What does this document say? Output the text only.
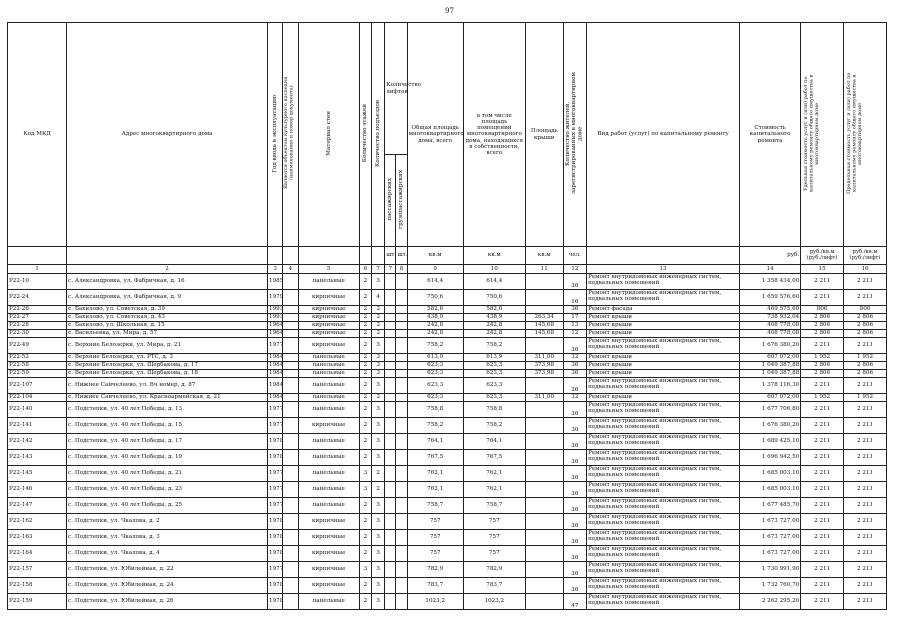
97
Код МКД	Адрес многоквартирного дома	Год ввода в эксплуатацию	Является объектом культурного наследия (наименование и номер документа)	Материал стен	Количество этажей	Количество подъездов	Количество лифтов		Общая площадь многоквартирного дома, всего	в том числе площадь помещений многоквартирного дома, находящихся в собственности, всего	Площадь крыши	Количество жителей, зарегистрированных в многоквартирном доме	Вид работ (услуг) по капитальному ремонту	Стоимость капитального ремонта	Удельная стоимость услуг и (или) работ по капитальному ремонту общего имущества в многоквартирном доме	Предельная стоимость услуг и (или) работ по капитальному ремонту общего имущества в многоквартирном доме
							пассажирских	грузопассажирских								
							шт.	шт.	кв.м	кв.м	кв.м	чел.		руб.	руб./кв.м (руб./лифт)	руб./кв.м (руб./лифт)
1	2	3	4	5	6	7	7	8	9	10	11	12	13	14	15	16
Р22-10	с. Александровка, ул. Фабричная, д. 16	1985		панельные	2	3			614,4	614,4		36	Ремонт внутридомовых инженерных систем, подвальных помещений	1 358 434,00	2 211	2 211
Р22-24	с. Александровка, ул. Фабричная, д. 9	1979		кирпичные	2	4			750,6	750,6		16	Ремонт внутридомовых инженерных систем, подвальных помещений	1 659 576,60	2 211	2 211
Р22-26	с. Бахилово, ул. Советская, д. 39	1993		кирпичные	2	2			582,6	582,6		36	Ремонт фасада	469 575,60	806	806
Р22-27	с. Бахилово, ул. Советская, д. 43	1993		кирпичные	2	2			438,9	438,9	263,34	17	Ремонт крыши	738 932,04	2 806	2 806
Р22-28	с. Бахилово, ул. Школьная, д. 15	1964		кирпичные	2	2			242,8	242,8	145,68	13	Ремонт крыши	408 778,08	2 806	2 806
Р22-30	с. Васильевка, ул. Мира, д. 57	1964		кирпичные	2	2			242,8	242,8	145,68	12	Ремонт крыши	408 778,08	2 806	2 806
Р22-49	с. Верхние Белозерки, ул. Мира, д. 21	1977		кирпичные	2	3			758,2	758,2		36	Ремонт внутридомовых инженерных систем, подвальных помещений	1 676 380,20	2 211	2 211
Р22-52	с. Верхние Белозерки, ул. РТС, д. 3	1984		панельные	2	3			613,9	613,9	311,00	32	Ремонт крыши	607 072,00	1 952	1 952
Р22-58	с. Верхние Белозерки, ул. Щербакова, д. 17	1984		панельные	2	3			623,3	623,3	373,98	36	Ремонт крыши	1 049 387,88	2 806	2 806
Р22-59	с. Верхние Белозерки, ул. Щербакова, д. 18	1984		панельные	2	3			623,3	623,3	373,98	36	Ремонт крыши	1 049 387,88	2 806	2 806
Р22-107	с. Нижнее Санчелеево, ул. Вч номер, д. 87	1984		панельные	2	3			623,3	623,3		26	Ремонт внутридомовых инженерных систем, подвальных помещений	1 378 116,30	2 211	2 211
Р22-104	с. Нижнее Санчелеево, ул. Красноармейская, д. 21	1984		панельные	2	2			623,3	623,3	311,00	32	Ремонт крыши	607 072,00	1 952	1 952
Р22-140	с. Подстепки, ул. 40 лет Победы, д. 13	1977		панельные	2	3			758,8	758,8		36	Ремонт внутридомовых инженерных систем, подвальных помещений	1 677 706,80	2 211	2 211
Р22-141	с. Подстепки, ул. 40 лет Победы, д. 15	1977		кирпичные	2	3			758,2	758,2		30	Ремонт внутридомовых инженерных систем, подвальных помещений	1 676 380,20	2 211	2 211
Р22-142	с. Подстепки, ул. 40 лет Победы, д. 17	1978		панельные	2	3			764,1	764,1		36	Ремонт внутридомовых инженерных систем, подвальных помещений	1 689 425,10	2 211	2 211
Р22-143	с. Подстепки, ул. 40 лет Победы, д. 19	1978		панельные	2	3			767,5	767,5		36	Ремонт внутридомовых инженерных систем, подвальных помещений	1 696 942,50	2 211	2 211
Р22-145	с. Подстепки, ул. 40 лет Победы, д. 21	1977		панельные	3	2			762,1	762,1		36	Ремонт внутридомовых инженерных систем, подвальных помещений	1 685 003,10	2 211	2 211
Р22-146	с. Подстепки, ул. 40 лет Победы, д. 23	1977		панельные	3	2			762,1	762,1		36	Ремонт внутридомовых инженерных систем, подвальных помещений	1 685 003,10	2 211	2 211
Р22-147	с. Подстепки, ул. 40 лет Победы, д. 25	1977		панельные	2	3			758,7	758,7		36	Ремонт внутридомовых инженерных систем, подвальных помещений	1 677 485,70	2 211	2 211
Р22-162	с. Подстепки, ул. Чкалова, д. 2	1978		кирпичные	2	3			757	757		36	Ремонт внутридомовых инженерных систем, подвальных помещений	1 673 727,00	2 211	2 211
Р22-163	с. Подстепки, ул. Чкалова, д. 3	1978		кирпичные	2	3			757	757		36	Ремонт внутридомовых инженерных систем, подвальных помещений	1 673 727,00	2 211	2 211
Р22-164	с. Подстепки, ул. Чкалова, д. 4	1978		кирпичные	2	3			757	757		36	Ремонт внутридомовых инженерных систем, подвальных помещений	1 673 727,00	2 211	2 211
Р22-157	с. Подстепки, ул. Юбилейная, д. 22	1977		кирпичные	3	3			782,9	782,9		36	Ремонт внутридомовых инженерных систем, подвальных помещений	1 730 991,90	2 211	2 211
Р22-158	с. Подстепки, ул. Юбилейная, д. 24	1978		кирпичные	2	3			783,7	783,7		36	Ремонт внутридомовых инженерных систем, подвальных помещений	1 732 760,70	2 211	2 211
Р22-159	с. Подстепки, ул. Юбилейная, д. 26	1978		панельные	2	3			1023,2	1023,2		47	Ремонт внутридомовых инженерных систем, подвальных помещений	2 262 295,20	2 211	2 211
